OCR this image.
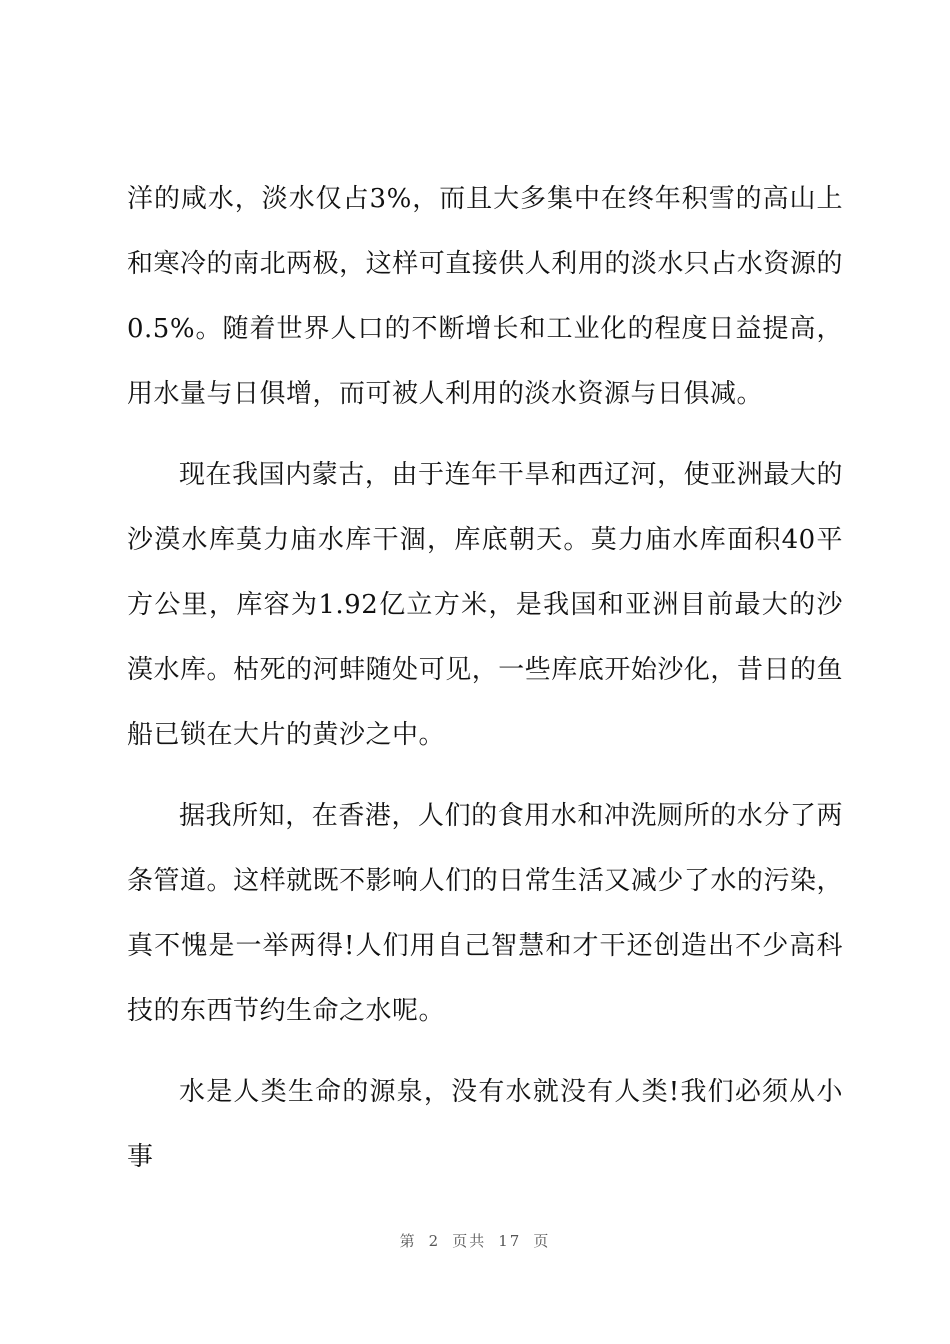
洋的咸水，淡水仅占3%，而且大多集中在终年积雪的高山上和寒冷的南北两极，这样可直接供人利用的淡水只占水资源的0.5%。随着世界人口的不断增长和工业化的程度日益提高，用水量与日俱增，而可被人利用的淡水资源与日俱减。

现在我国内蒙古，由于连年干旱和西辽河，使亚洲最大的沙漠水库莫力庙水库干涸，库底朝天。莫力庙水库面积40平方公里，库容为1.92亿立方米，是我国和亚洲目前最大的沙漠水库。枯死的河蚌随处可见，一些库底开始沙化，昔日的鱼船已锁在大片的黄沙之中。

据我所知，在香港，人们的食用水和冲洗厕所的水分了两条管道。这样就既不影响人们的日常生活又减少了水的污染，真不愧是一举两得!人们用自己智慧和才干还创造出不少高科技的东西节约生命之水呢。

水是人类生命的源泉，没有水就没有人类!我们必须从小事

第 2 页共 17 页
